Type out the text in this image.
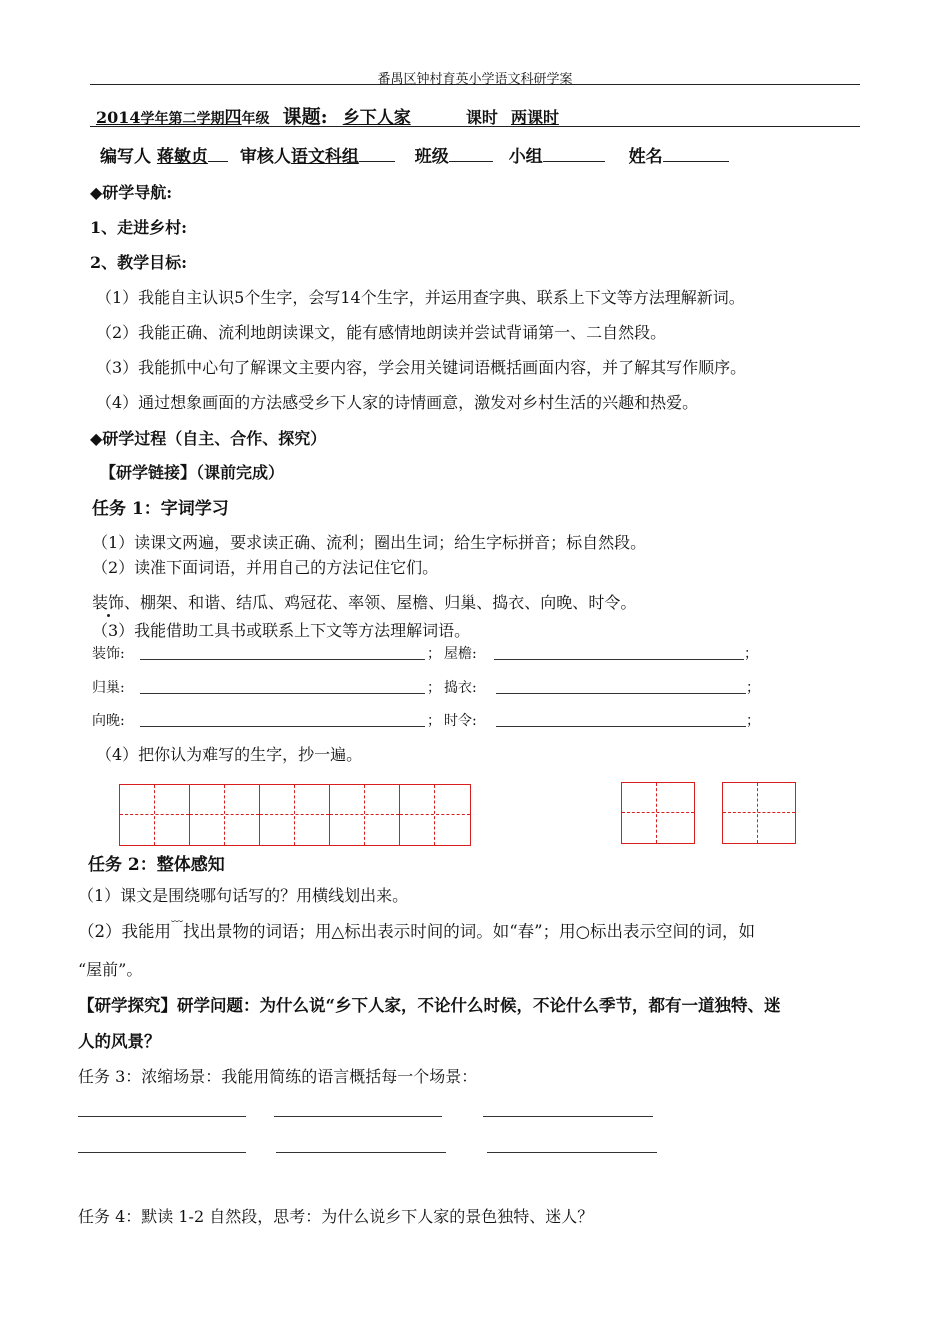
番禺区钟村育英小学语文科研学案
2014学年第二学期四年级 课题: 乡下人家	课时 两课时
编写人 蒋敏贞 审核人语文科组	班级	小组	姓名
◆研学导航:
1、走进乡村:
2、教学目标:
（1）我能自主认识5个生字，会写14个生字，并运用查字典、联系上下文等方法理解新词。
（2）我能正确、流利地朗读课文，能有感情地朗读并尝试背诵第一、二自然段。
（3）我能抓中心句了解课文主要内容，学会用关键词语概括画面内容，并了解其写作顺序。
（4）通过想象画面的方法感受乡下人家的诗情画意，激发对乡村生活的兴趣和热爱。
◆研学过程（自主、合作、探究）
【研学链接】（课前完成）
任务 1：字词学习
（1）读课文两遍，要求读正确、流利；圈出生词；给生字标拼音；标自然段。
（2）读准下面词语，并用自己的方法记住它们。
装饰、棚架、和谐、结瓜、鸡冠花、率领、屋檐、归巢、捣衣、向晚、时令。
（3）我能借助工具书或联系上下文等方法理解词语。
装饰:	； 屋檐:	；
归巢:	； 捣衣:	；
向晚:	； 时令:	；
（4）把你认为难写的生字，抄一遍。
任务 2：整体感知
（1）课文是围绕哪句话写的？用横线划出来。
（2）我能用﹋找出景物的词语；用△标出表示时间的词。如“春”；用○标出表示空间的词，如
“屋前”。
【研学探究】研学问题：为什么说“乡下人家，不论什么时候，不论什么季节，都有一道独特、迷
人的风景？
任务 3：浓缩场景：我能用简练的语言概括每一个场景：
任务 4：默读 1-2 自然段，思考：为什么说乡下人家的景色独特、迷人？
